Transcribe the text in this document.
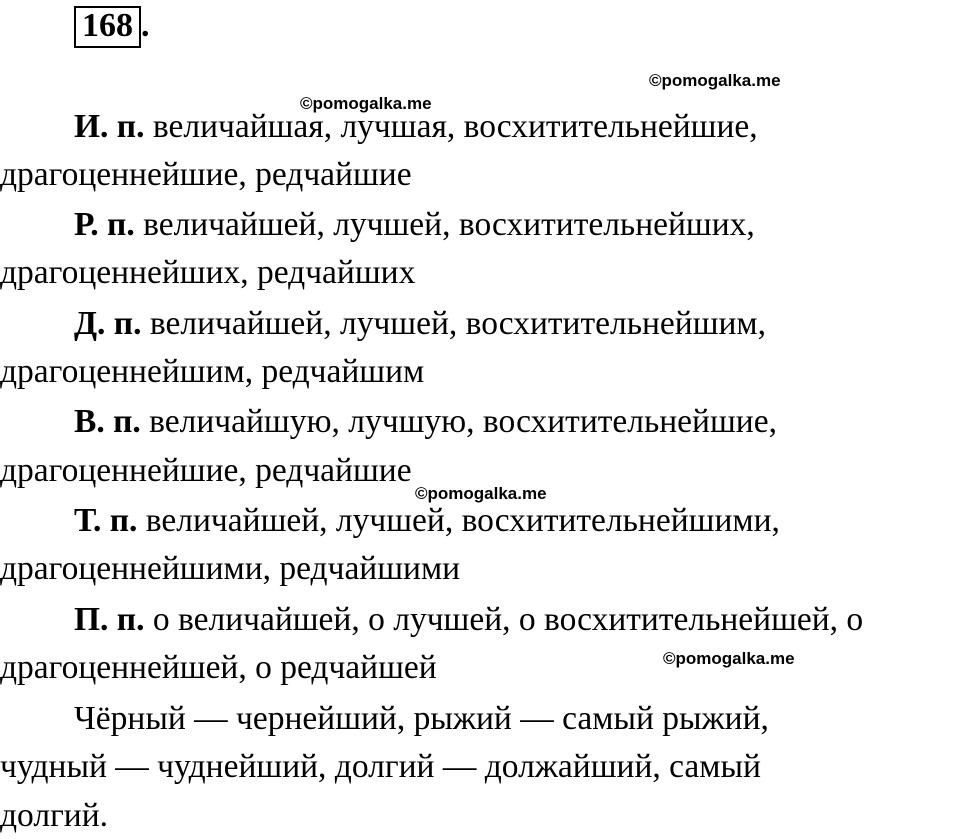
168 .
©pomogalka.me
©pomogalka.me
©pomogalka.me
©pomogalka.me
И. п. величайшая, лучшая, восхитительнейшие,
драгоценнейшие, редчайшие
Р. п. величайшей, лучшей, восхитительнейших,
драгоценнейших, редчайших
Д. п. величайшей, лучшей, восхитительнейшим,
драгоценнейшим, редчайшим
В. п. величайшую, лучшую, восхитительнейшие,
драгоценнейшие, редчайшие
Т. п. величайшей, лучшей, восхитительнейшими,
драгоценнейшими, редчайшими
П. п. о величайшей, о лучшей, о восхитительнейшей, о
драгоценнейшей, о редчайшей
Чёрный — чернейший, рыжий — самый рыжий,
чудный — чуднейший, долгий — должайший, самый
долгий.
